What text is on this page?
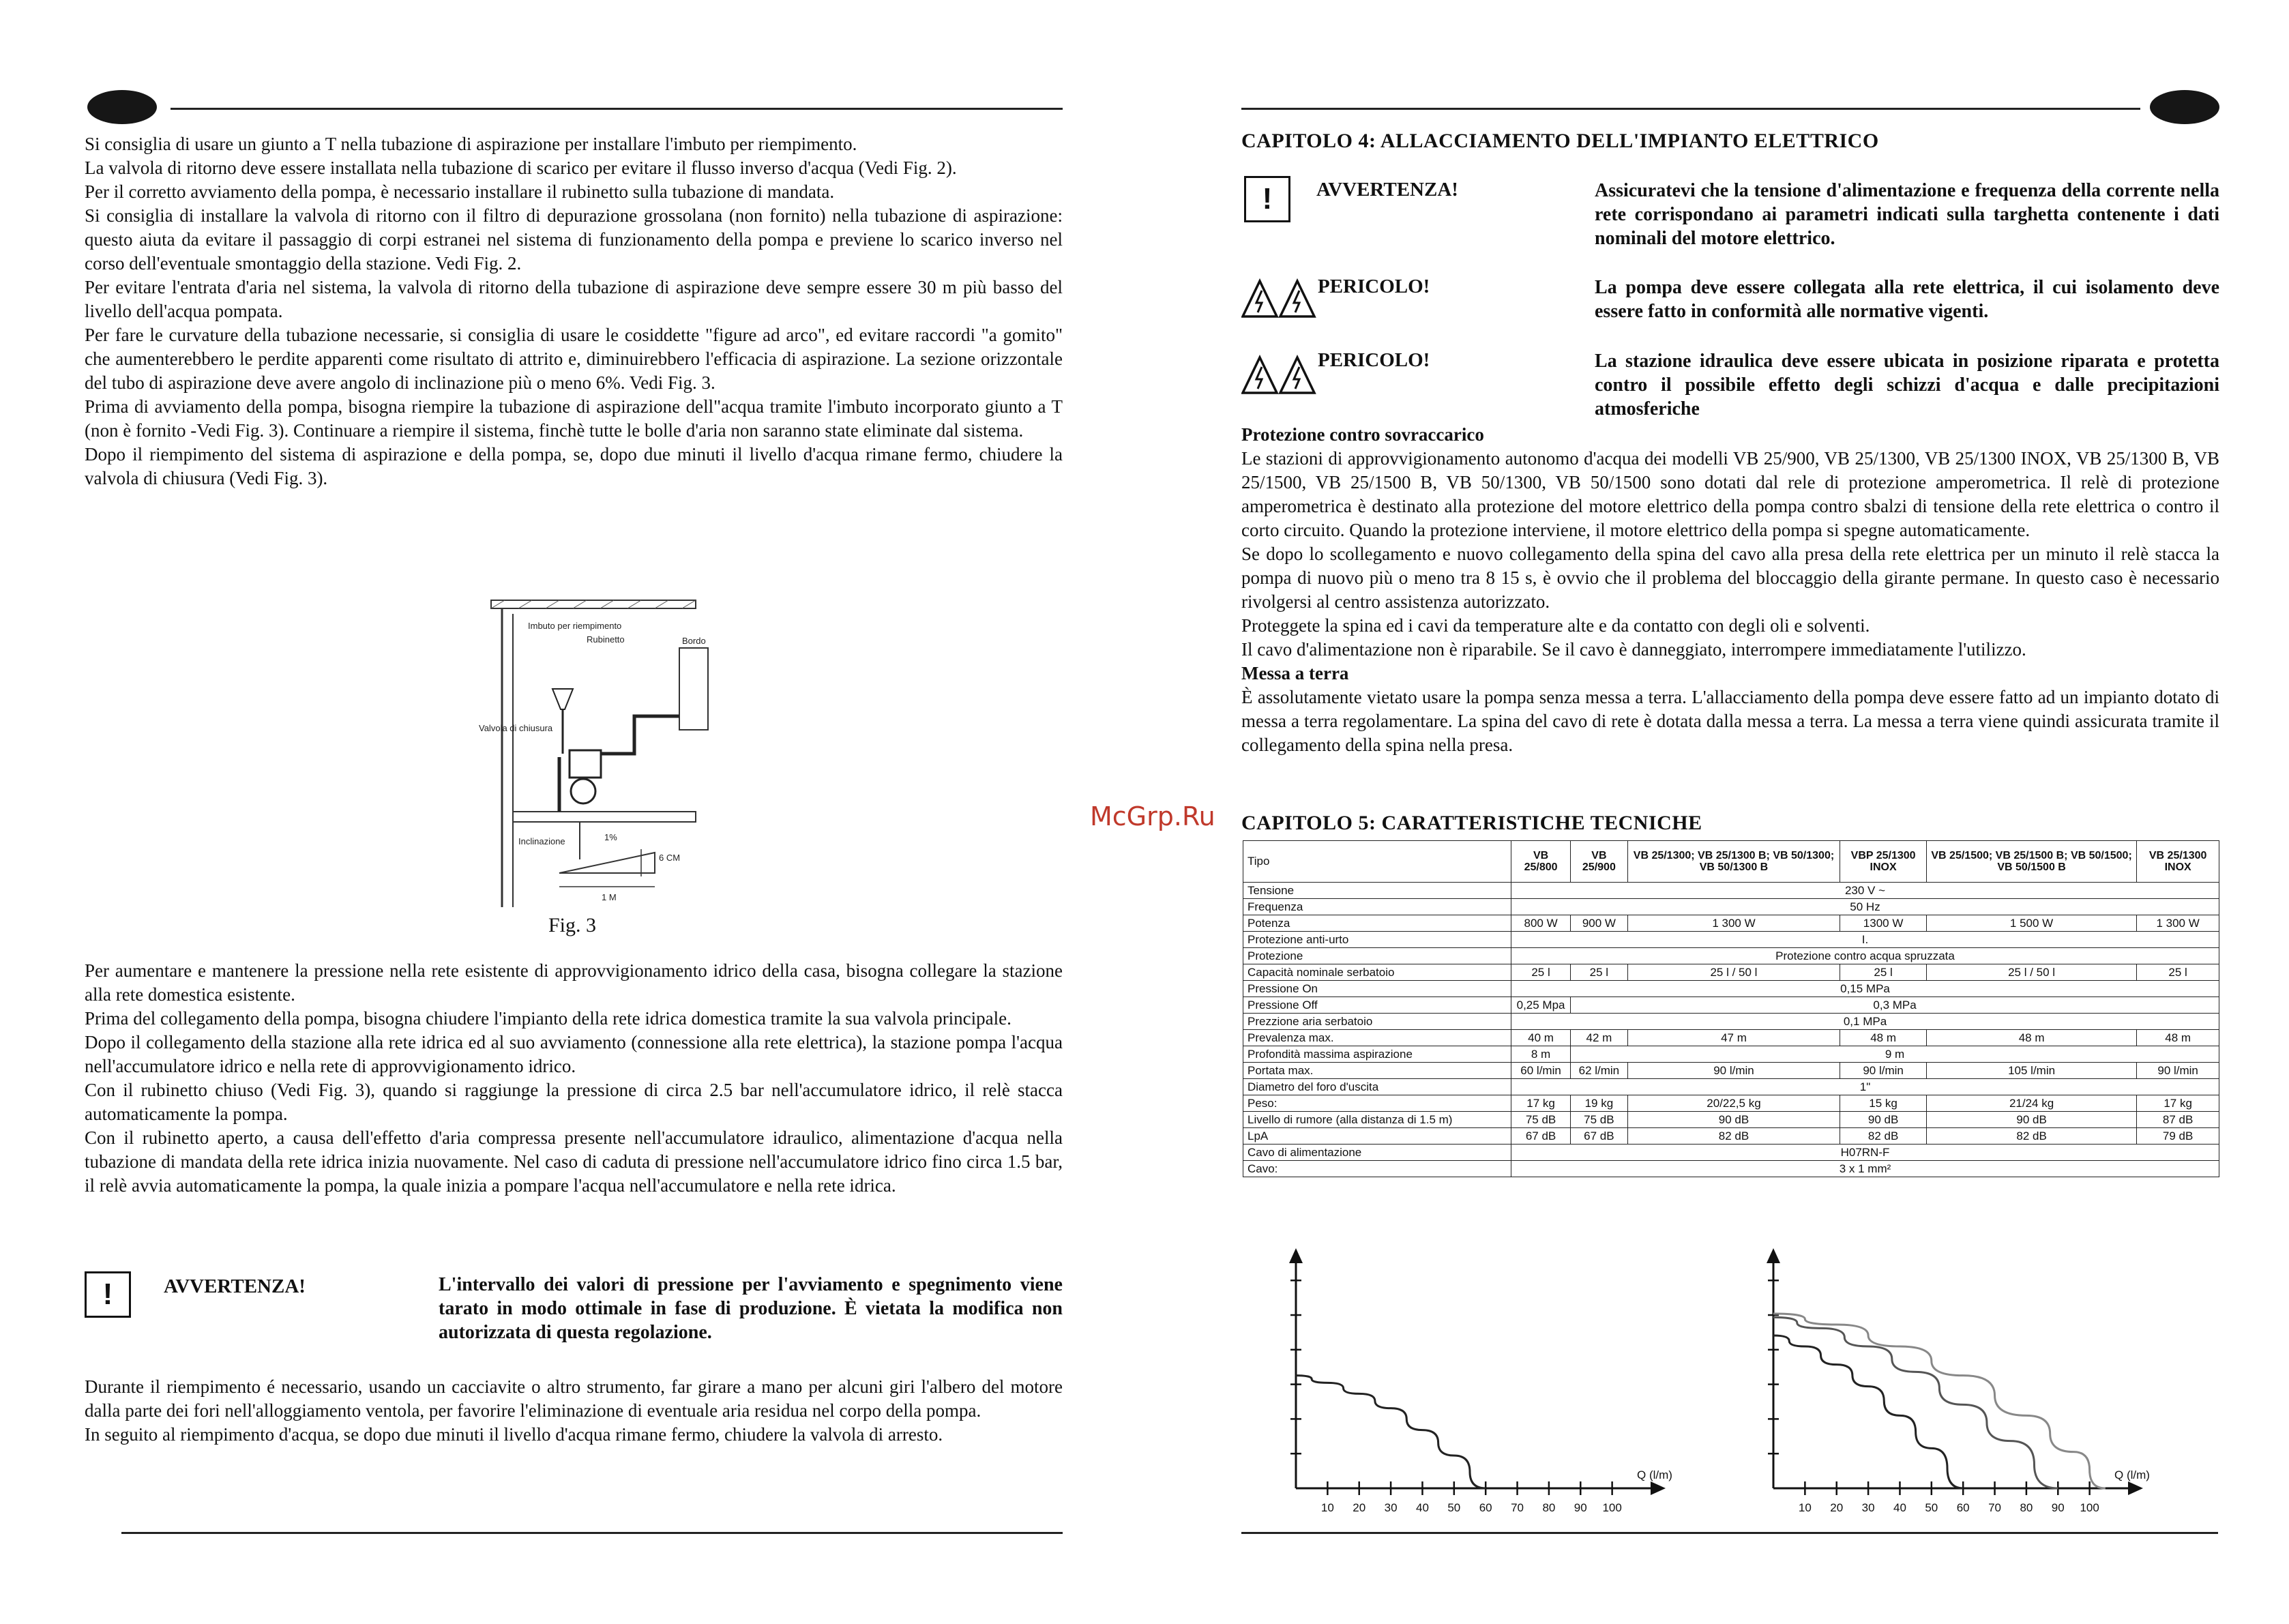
Si consiglia di usare un giunto a T nella tubazione di aspirazione per installare l'imbuto per riempimento.

La valvola di ritorno deve essere installata nella tubazione di scarico per evitare il flusso inverso d'acqua (Vedi Fig. 2).

Per il corretto avviamento della pompa, è necessario installare il rubinetto sulla tubazione di mandata.

Si consiglia di installare la valvola di ritorno con il filtro di depurazione grossolana (non fornito) nella tubazione di aspirazione: questo aiuta da evitare il passaggio di corpi estranei nel sistema di funzionamento della pompa e previene lo scarico inverso nel corso dell'eventuale smontaggio della stazione. Vedi Fig. 2.

Per evitare l'entrata d'aria nel sistema, la valvola di ritorno della tubazione di aspirazione deve sempre essere 30 m più basso del livello dell'acqua pompata.

Per fare le curvature della tubazione necessarie, si consiglia di usare le cosiddette "figure ad arco", ed evitare raccordi "a gomito" che aumenterebbero le perdite apparenti come risultato di attrito e, diminuirebbero l'efficacia di aspirazione. La sezione orizzontale del tubo di aspirazione deve avere angolo di inclinazione più o meno 6%. Vedi Fig. 3.

Prima di avviamento della pompa, bisogna riempire la tubazione di aspirazione dell"acqua tramite l'imbuto incorporato giunto a T (non è fornito -Vedi Fig. 3). Continuare a riempire il sistema, finchè tutte le bolle d'aria non saranno state eliminate dal sistema.

Dopo il riempimento del sistema di aspirazione e della pompa, se, dopo due minuti il livello d'acqua rimane fermo, chiudere la valvola di chiusura (Vedi Fig. 3).

Imbuto per riempimento
Rubinetto	Bordo
Valvola di chiusura
Inclinazione	1%
6 CM
1 M
Fig. 3

Per aumentare e mantenere la pressione nella rete esistente di approvvigionamento idrico della casa, bisogna collegare la stazione alla rete domestica esistente.

Prima del collegamento della pompa, bisogna chiudere l'impianto della rete idrica domestica tramite la sua valvola principale.

Dopo il collegamento della stazione alla rete idrica ed al suo avviamento (connessione alla rete elettrica), la stazione pompa l'acqua nell'accumulatore idrico e nella rete di approvvigionamento idrico.

Con il rubinetto chiuso (Vedi Fig. 3), quando si raggiunge la pressione di circa 2.5 bar nell'accumulatore idrico, il relè stacca automaticamente la pompa.

Con il rubinetto aperto, a causa dell'effetto d'aria compressa presente nell'accumulatore idraulico, alimentazione d'acqua nella tubazione di mandata della rete idrica inizia nuovamente. Nel caso di caduta di pressione nell'accumulatore idrico fino circa 1.5 bar, il relè avvia automaticamente la pompa, la quale inizia a pompare l'acqua nell'accumulatore e nella rete idrica.

!	AVVERTENZA!	L'intervallo dei valori di pressione per l'avviamento e spegnimento viene tarato in modo ottimale in fase di produzione. È vietata la modifica non autorizzata di questa regolazione.

Durante il riempimento é necessario, usando un cacciavite o altro strumento, far girare a mano per alcuni giri l'albero del motore dalla parte dei fori nell'alloggiamento ventola, per favorire l'eliminazione di eventuale aria residua nel corpo della pompa.

In seguito al riempimento d'acqua, se dopo due minuti il livello d'acqua rimane fermo, chiudere la valvola di arresto.

McGrp.Ru
CAPITOLO 4: ALLACCIAMENTO DELL'IMPIANTO ELETTRICO
!	AVVERTENZA!	Assicuratevi che la tensione d'alimentazione e frequenza della corrente nella rete corrispondano ai parametri indicati sulla targhetta contenente i dati nominali del motore elettrico.
PERICOLO!	La pompa deve essere collegata alla rete elettrica, il cui isolamento deve essere fatto in conformità alle normative vigenti.
PERICOLO!	La stazione idraulica deve essere ubicata in posizione riparata e protetta contro il possibile effetto degli schizzi d'acqua e dalle precipitazioni atmosferiche

Protezione contro sovraccarico

Le stazioni di approvvigionamento autonomo d'acqua dei modelli VB 25/900, VB 25/1300, VB 25/1300 INOX, VB 25/1300 B, VB 25/1500, VB 25/1500 B, VB 50/1300, VB 50/1500 sono dotati dal rele di protezione amperometrica. Il relè di protezione amperometrica è destinato alla protezione del motore elettrico della pompa contro sbalzi di tensione della rete elettrica o contro il corto circuito. Quando la protezione interviene, il motore elettrico della pompa si spegne automaticamente.

Se dopo lo scollegamento e nuovo collegamento della spina del cavo alla presa della rete elettrica per un minuto il relè stacca la pompa di nuovo più o meno tra 8 15 s, è ovvio che il problema del bloccaggio della girante permane. In questo caso è necessario rivolgersi al centro assistenza autorizzato.

Proteggete la spina ed i cavi da temperature alte e da contatto con degli oli e solventi.

Il cavo d'alimentazione non è riparabile. Se il cavo è danneggiato, interrompere immediatamente l'utilizzo.

Messa a terra

È assolutamente vietato usare la pompa senza messa a terra. L'allacciamento della pompa deve essere fatto ad un impianto dotato di messa a terra regolamentare. La spina del cavo di rete è dotata dalla messa a terra. La messa a terra viene quindi assicurata tramite il collegamento della spina nella presa.

CAPITOLO 5: CARATTERISTICHE TECNICHE
Tipo	VB 25/800	VB 25/900	VB 25/1300; VB 25/1300 B; VB 50/1300; VB 50/1300 B	VBP 25/1300 INOX	VB 25/1500; VB 25/1500 B; VB 50/1500; VB 50/1500 B	VB 25/1300 INOX
Tensione	230 V ~					
Frequenza	50 Hz					
Potenza	800 W	900 W	1 300 W	1300 W	1 500 W	1 300 W
Protezione anti-urto	I.					
Protezione	Protezione contro acqua spruzzata					
Capacità nominale serbatoio	25 l	25 l	25 l / 50 l	25 l	25 l / 50 l	25 l
Pressione On	0,15 MPa					
Pressione Off	0,25 Mpa	0,3 MPa				
Prezzione aria serbatoio	0,1 MPa					
Prevalenza max.	40 m	42 m	47 m	48 m	48 m	48 m
Profondità massima aspirazione	8 m	9 m				
Portata max.	60 l/min	62 l/min	90 l/min	90 l/min	105 l/min	90 l/min
Diametro del foro d'uscita	1"					
Peso:	17 kg	19 kg	20/22,5 kg	15 kg	21/24 kg	17 kg
Livello di rumore (alla distanza di 1.5 m)	75 dB	75 dB	90 dB	90 dB	90 dB	87 dB
LpA	67 dB	67 dB	82 dB	82 dB	82 dB	79 dB
Cavo di alimentazione	H07RN-F					
Cavo:	3 x 1 mm²					
10 20 30 40 50 60 70 80 90 100
Q (l/m)
10 20 30 40 50 60 70 80 90 100
Q (l/m)
